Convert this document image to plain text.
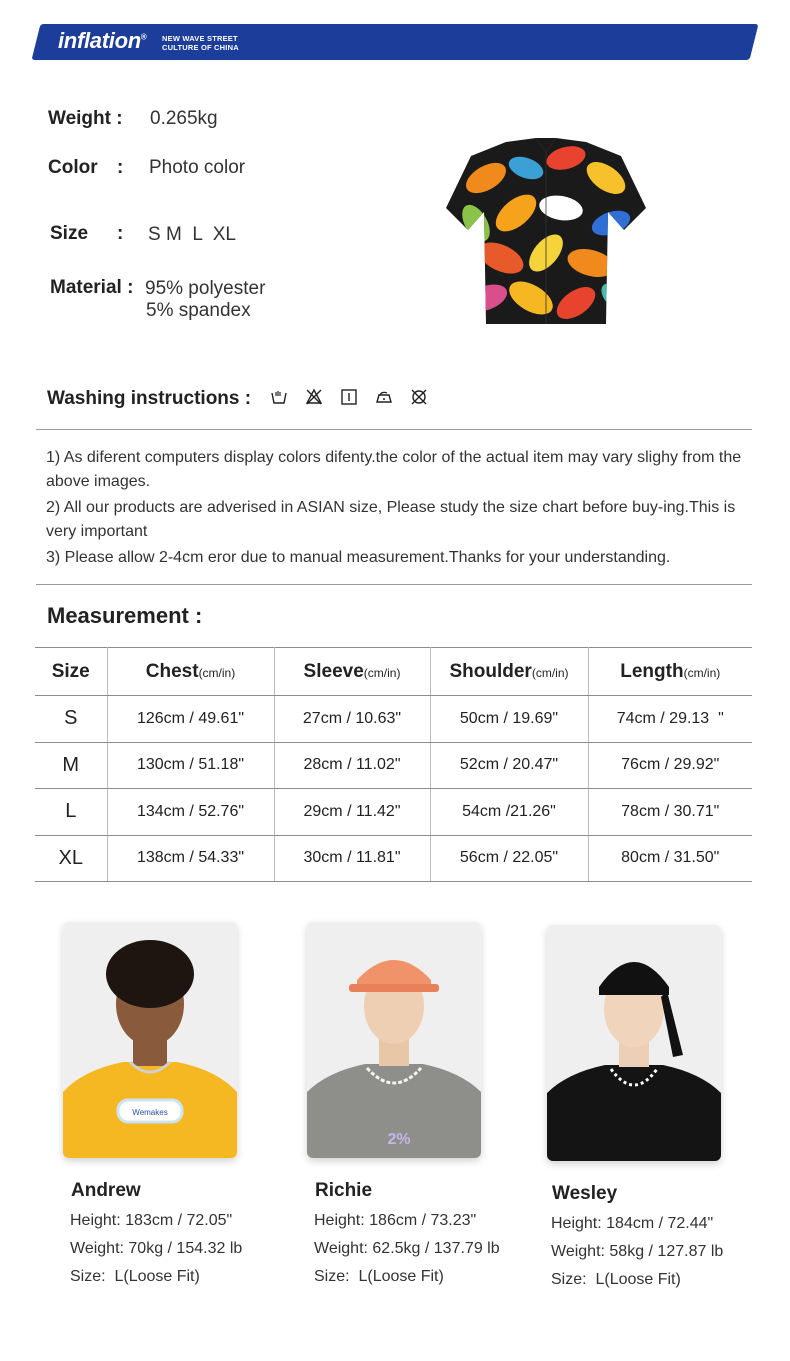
inflation® NEW WAVE STREET
CULTURE OF CHINA
Weight : 0.265kg
Color : Photo color
Size : S M  L  XL
Material : 95% polyester
5% spandex
Washing instructions :

1) As diferent computers display colors difenty.the color of the actual item may vary slighy from the above images.

2) All our products are adverised in ASIAN size, Please study the size chart before buy-ing.This is very important

3) Please allow 2-4cm eror due to manual measurement.Thanks for your understanding.

Measurement :
Size	Chest(cm/in)	Sleeve(cm/in)	Shoulder(cm/in)	Length(cm/in)
S	126cm / 49.61"	27cm / 10.63"	50cm / 19.69"	74cm / 29.13  "
M	130cm / 51.18"	28cm / 11.02"	52cm / 20.47"	76cm / 29.92"
L	134cm / 52.76"	29cm / 11.42"	54cm /21.26"	78cm / 30.71"
XL	138cm / 54.33"	30cm / 11.81"	56cm / 22.05"	80cm / 31.50"
Wemakes
Andrew
Height: 183cm / 72.05"
Weight: 70kg / 154.32 lb
Size:  L(Loose Fit)
2%
Richie
Height: 186cm / 73.23"
Weight: 62.5kg / 137.79 lb
Size:  L(Loose Fit)
Wesley
Height: 184cm / 72.44"
Weight: 58kg / 127.87 lb
Size:  L(Loose Fit)
